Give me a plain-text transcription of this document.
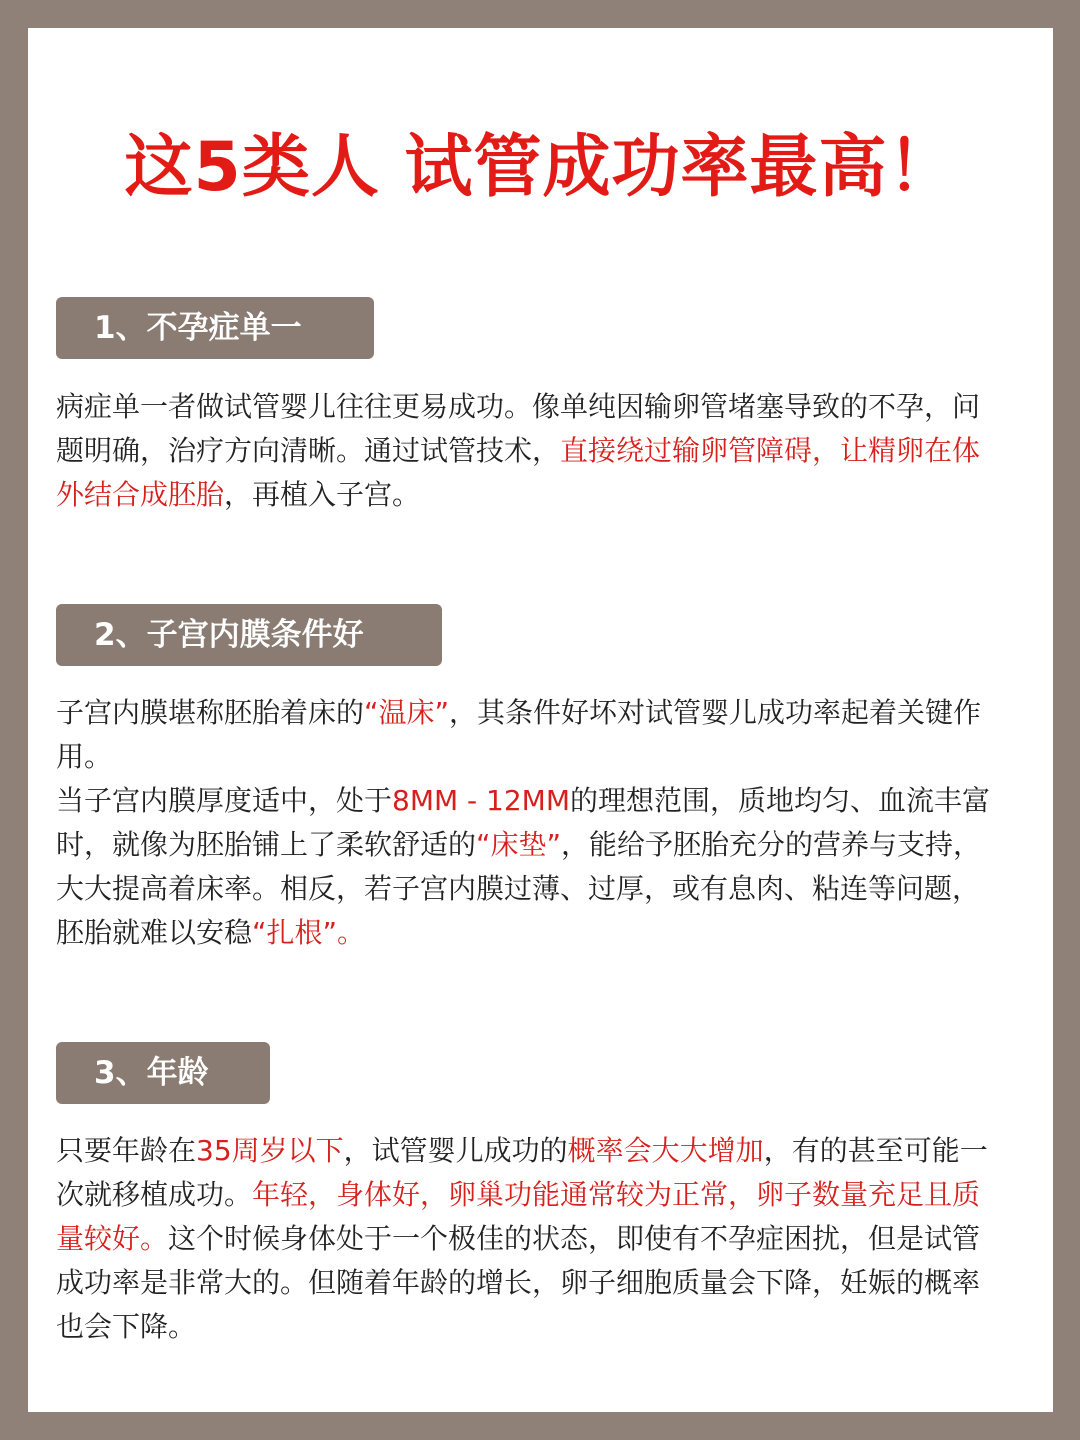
这5类人 试管成功率最高！
1、不孕症单一

病症单一者做试管婴儿往往更易成功。像单纯因输卵管堵塞导致的不孕，问题明确，治疗方向清晰。通过试管技术，直接绕过输卵管障碍，让精卵在体外结合成胚胎，再植入子宫。

2、子宫内膜条件好

子宫内膜堪称胚胎着床的“温床”，其条件好坏对试管婴儿成功率起着关键作用。

当子宫内膜厚度适中，处于8MM - 12MM的理想范围，质地均匀、血流丰富时，就像为胚胎铺上了柔软舒适的“床垫”，能给予胚胎充分的营养与支持，大大提高着床率。相反，若子宫内膜过薄、过厚，或有息肉、粘连等问题，胚胎就难以安稳“扎根”。

3、年龄

只要年龄在35周岁以下，试管婴儿成功的概率会大大增加，有的甚至可能一次就移植成功。年轻，身体好，卵巢功能通常较为正常，卵子数量充足且质量较好。这个时候身体处于一个极佳的状态，即使有不孕症困扰，但是试管成功率是非常大的。但随着年龄的增长，卵子细胞质量会下降，妊娠的概率也会下降。
